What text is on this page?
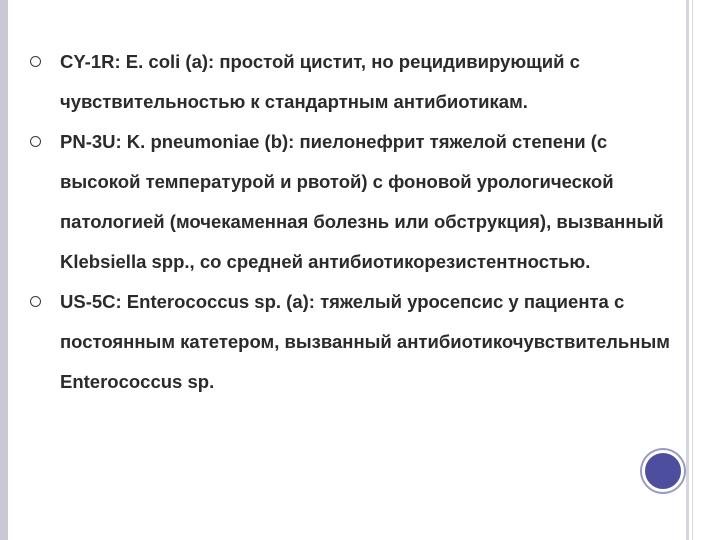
CY-1R: E. coli (a): простой цистит, но рецидивирующий с чувствительностью к стандартным антибиотикам.
PN-3U: K. pneumoniae (b): пиелонефрит тяжелой степени (с высокой температурой и рвотой) с фоновой урологической патологией (мочекаменная болезнь или обструкция), вызванный Klebsiella spp., со средней антибиотикорезистентностью.
US-5C: Enterococcus sp. (a): тяжелый уросепсис у пациента с постоянным катетером, вызванный антибиотикочувствительным Enterococcus sp.
